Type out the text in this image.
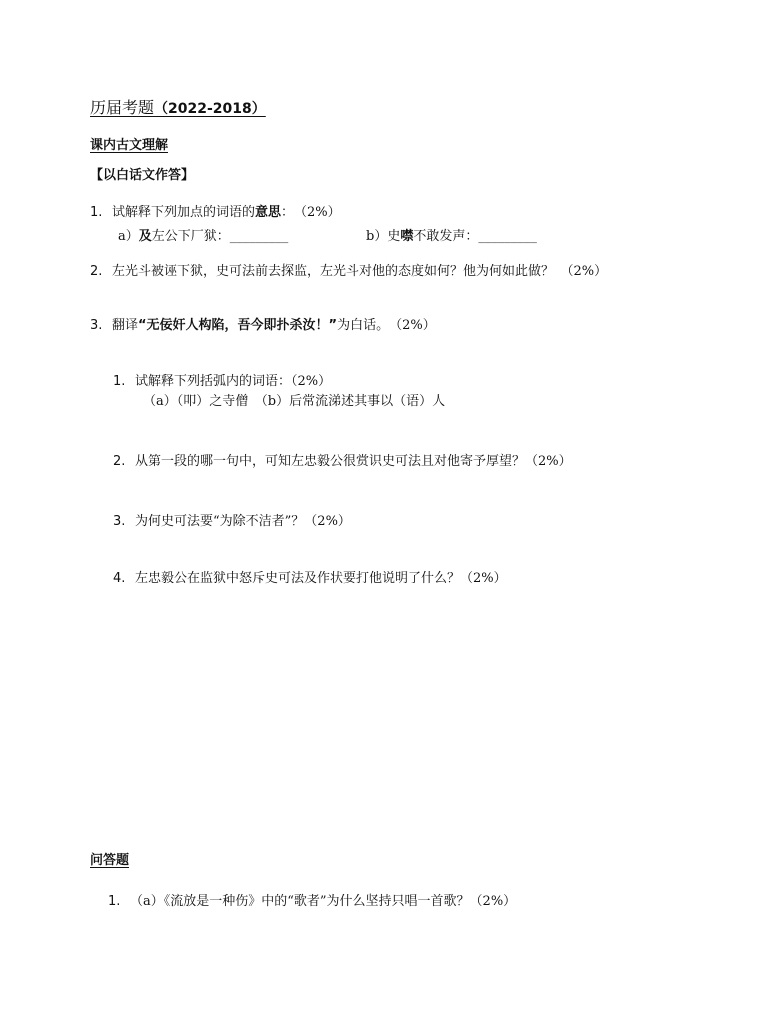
历届考题（2022-2018）
课内古文理解
【以白话文作答】
1. 试解释下列加点的词语的意思：　（2%）
a）及左公下厂狱：_________	b）史噤不敢发声：_________
2. 左光斗被诬下狱，史可法前去探监，左光斗对他的态度如何？他为何如此做？　（2%）
3. 翻译“无佞奸人构陷，吾今即扑杀汝！”为白话。　（2%）
1. 试解释下列括弧内的词语：（2%）
（a）（叩）之寺僧　（b）后常流涕述其事以（语）人
2. 从第一段的哪一句中，可知左忠毅公很赏识史可法且对他寄予厚望？（2%）
3. 为何史可法要“为除不洁者”？（2%）
4. 左忠毅公在监狱中怒斥史可法及作状要打他说明了什么？（2%）
问答题
1. （a）《流放是一种伤》中的“歌者”为什么坚持只唱一首歌？（2%）
